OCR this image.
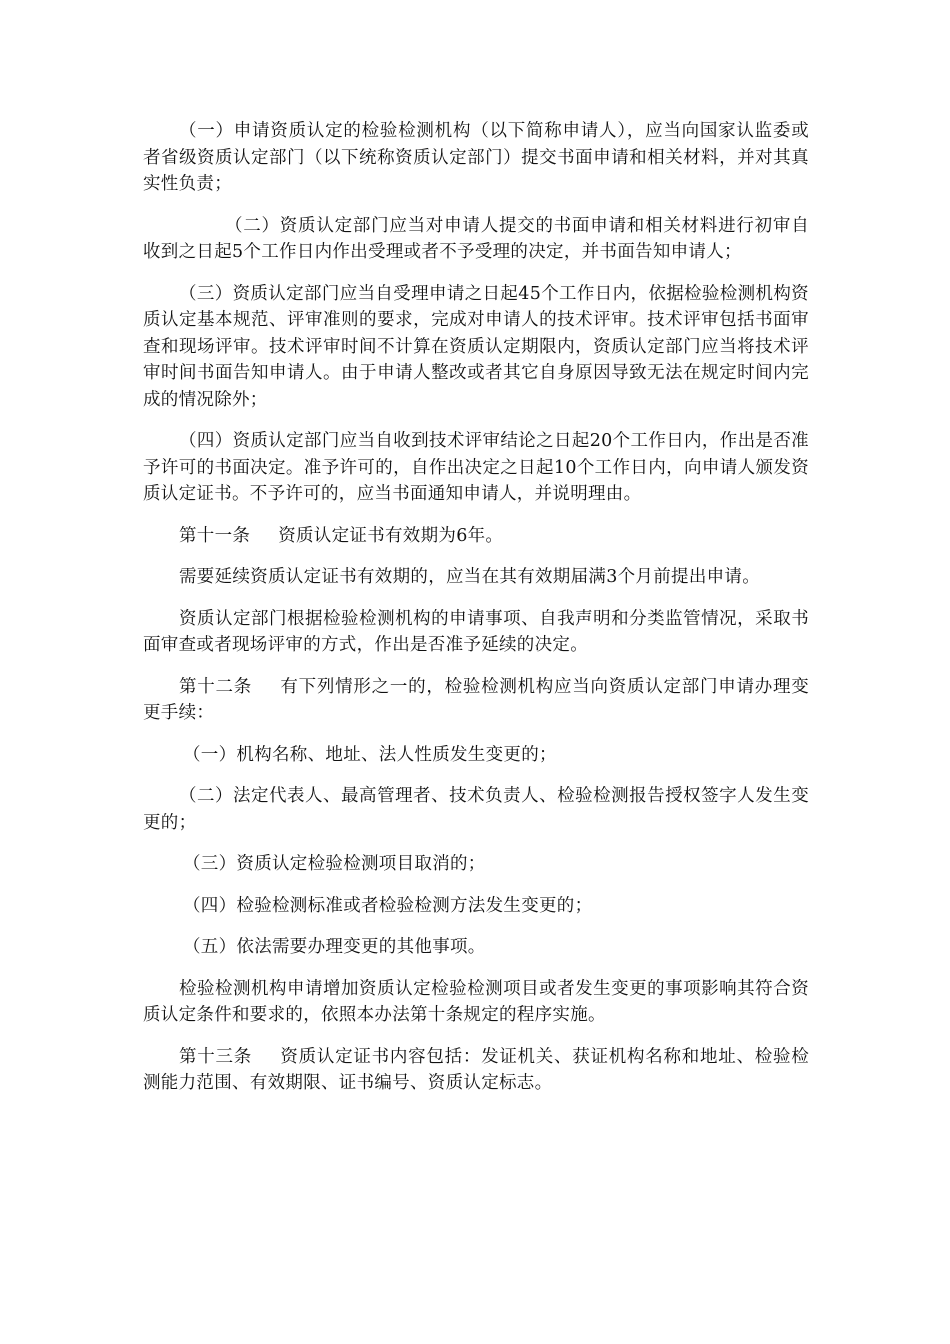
（一）申请资质认定的检验检测机构（以下简称申请人），应当向国家认监委或者省级资质认定部门（以下统称资质认定部门）提交书面申请和相关材料，并对其真实性负责；

（二）资质认定部门应当对申请人提交的书面申请和相关材料进行初审自收到之日起5个工作日内作出受理或者不予受理的决定，并书面告知申请人；

（三）资质认定部门应当自受理申请之日起45个工作日内，依据检验检测机构资质认定基本规范、评审准则的要求，完成对申请人的技术评审。技术评审包括书面审查和现场评审。技术评审时间不计算在资质认定期限内，资质认定部门应当将技术评审时间书面告知申请人。由于申请人整改或者其它自身原因导致无法在规定时间内完成的情况除外；

（四）资质认定部门应当自收到技术评审结论之日起20个工作日内，作出是否准予许可的书面决定。准予许可的，自作出决定之日起10个工作日内，向申请人颁发资质认定证书。不予许可的，应当书面通知申请人，并说明理由。

第十一条 资质认定证书有效期为6年。

需要延续资质认定证书有效期的，应当在其有效期届满3个月前提出申请。

资质认定部门根据检验检测机构的申请事项、自我声明和分类监管情况，采取书面审查或者现场评审的方式，作出是否准予延续的决定。

第十二条 有下列情形之一的，检验检测机构应当向资质认定部门申请办理变更手续：

（一）机构名称、地址、法人性质发生变更的；

（二）法定代表人、最高管理者、技术负责人、检验检测报告授权签字人发生变更的；

（三）资质认定检验检测项目取消的；

（四）检验检测标准或者检验检测方法发生变更的；

（五）依法需要办理变更的其他事项。

检验检测机构申请增加资质认定检验检测项目或者发生变更的事项影响其符合资质认定条件和要求的，依照本办法第十条规定的程序实施。

第十三条 资质认定证书内容包括：发证机关、获证机构名称和地址、检验检测能力范围、有效期限、证书编号、资质认定标志。
